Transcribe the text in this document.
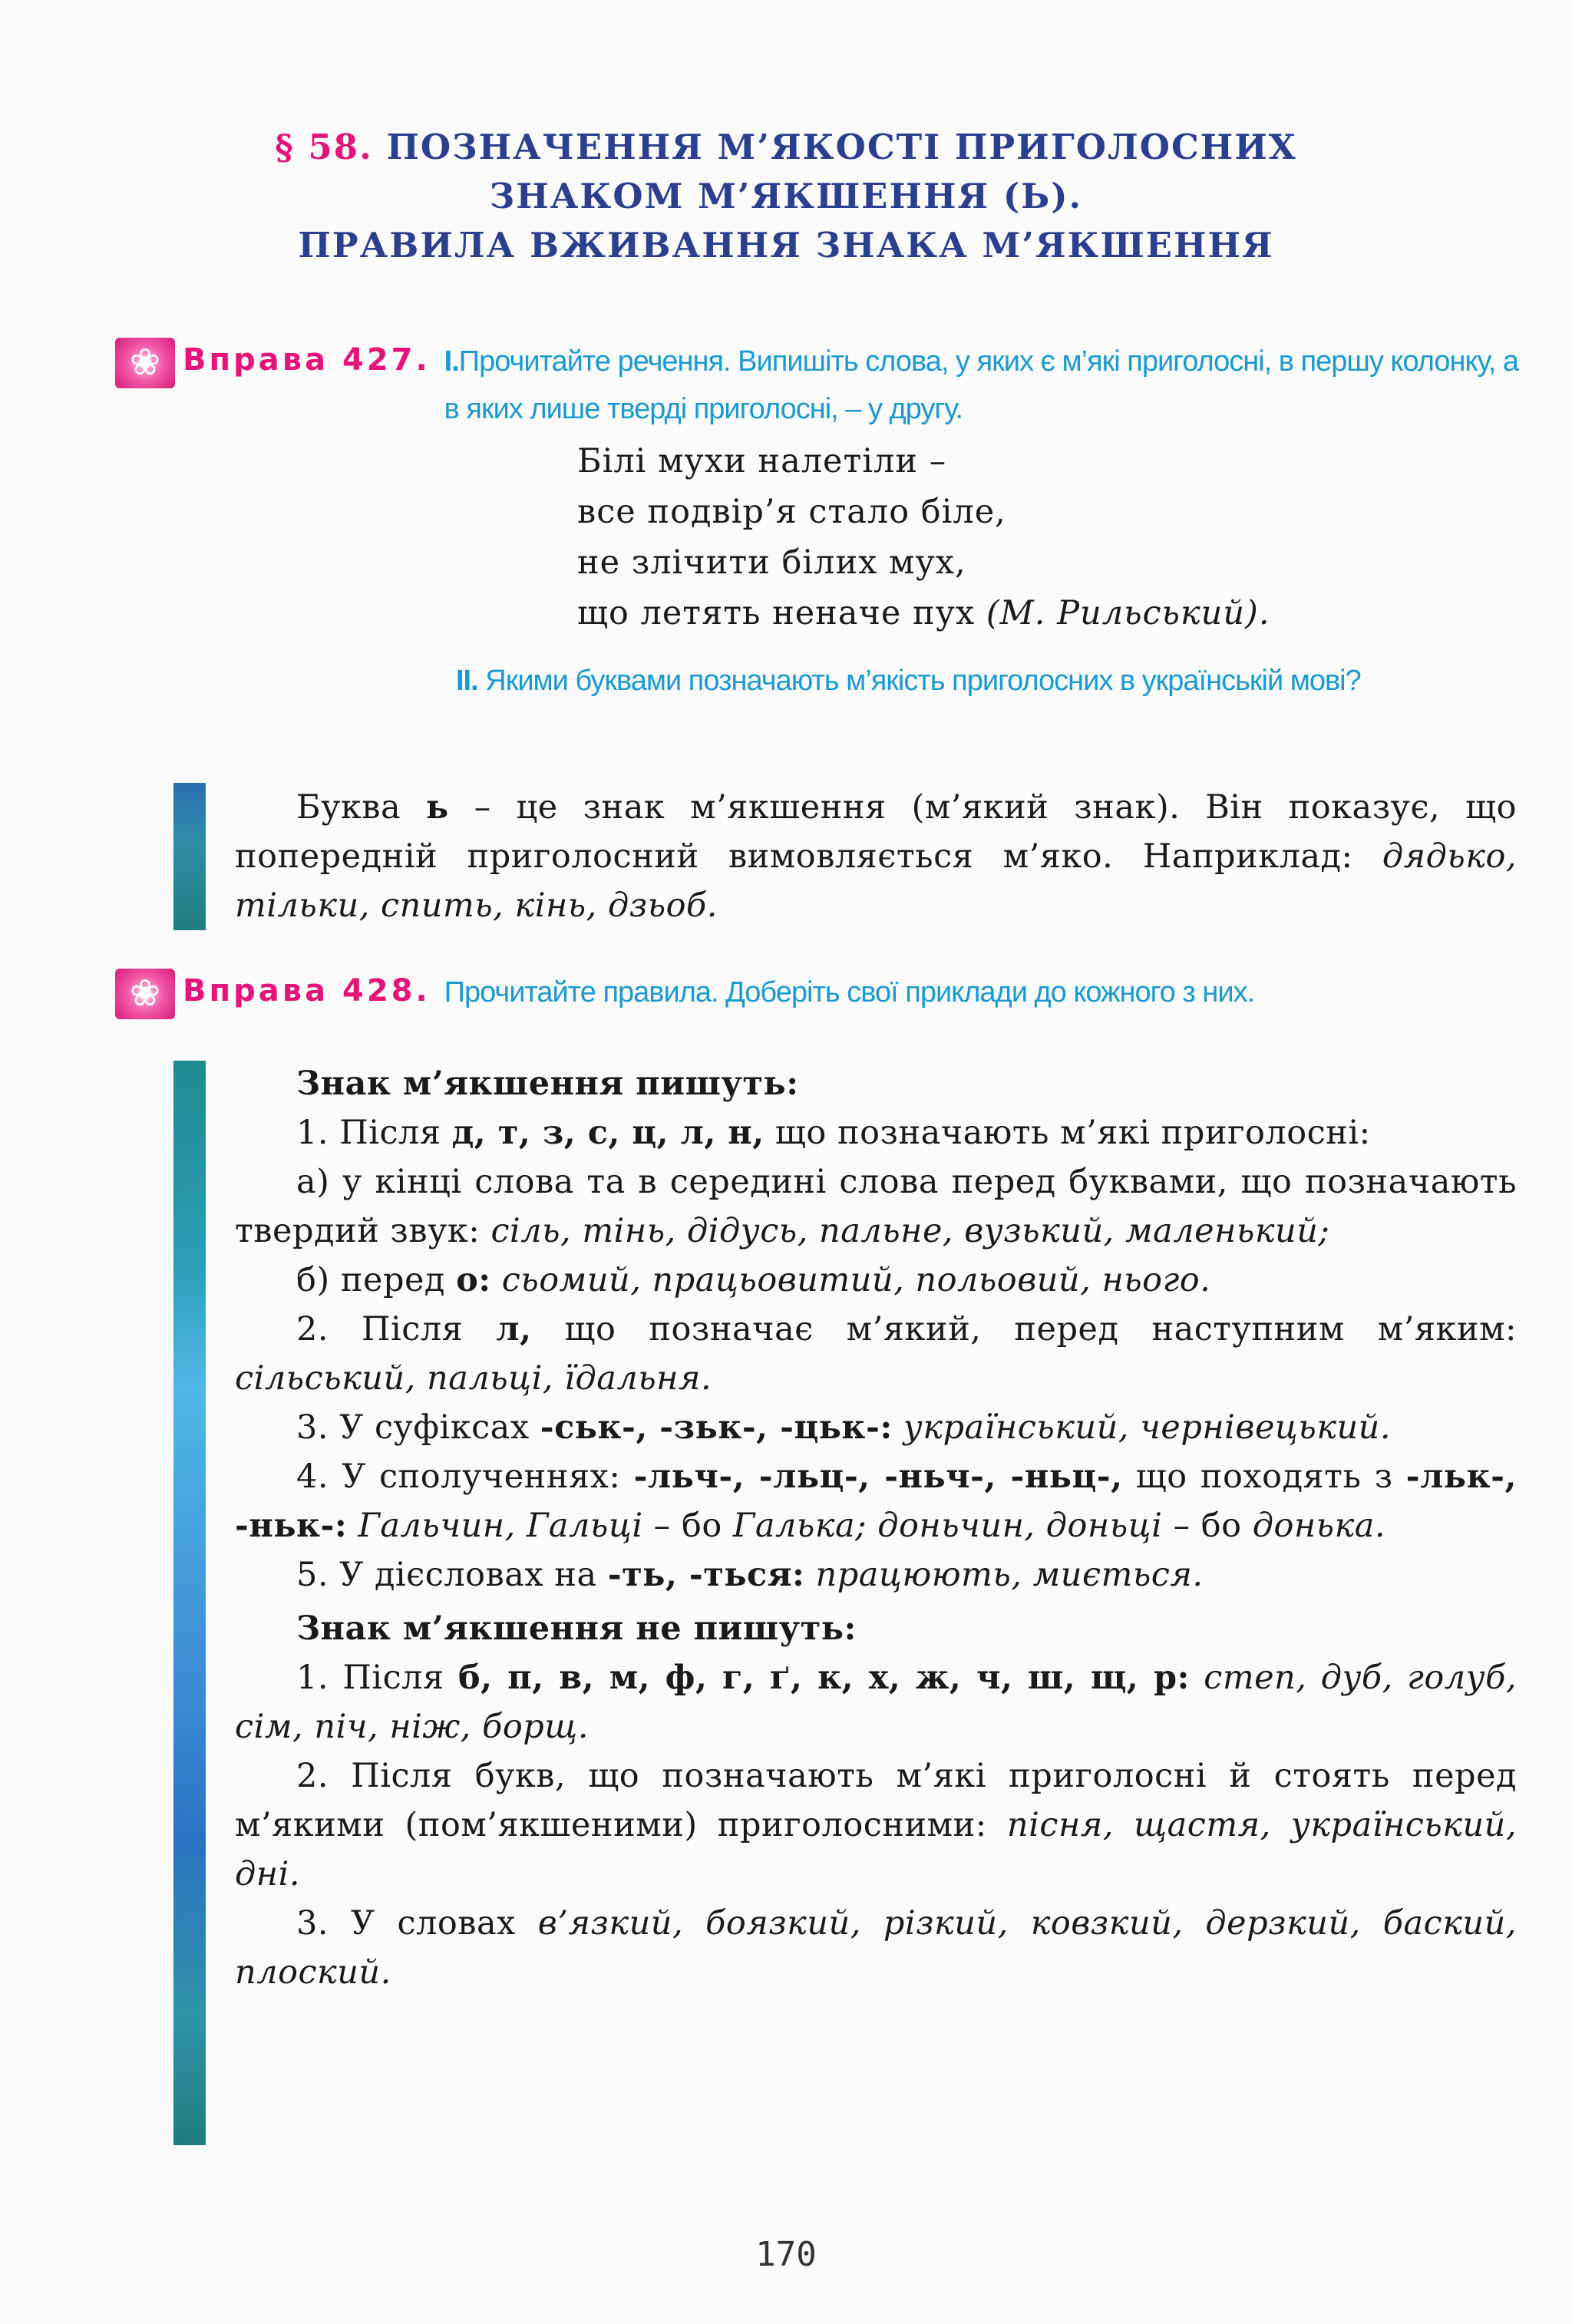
§ 58. ПОЗНАЧЕННЯ М’ЯКОСТІ ПРИГОЛОСНИХ
ЗНАКОМ М’ЯКШЕННЯ (Ь).
ПРАВИЛА ВЖИВАННЯ ЗНАКА М’ЯКШЕННЯ
❀
Вправа 427. I.Прочитайте речення. Випишіть слова, у яких є м’які приголосні, в першу колонку, а в яких лише тверді приголосні, – у другу.
Білі мухи налетіли –
все подвір’я стало біле,
не злічити білих мух,
що летять неначе пух (М. Рильський).
II. Якими буквами позначають м’якість приголосних в українській мові?

Буква ь – це знак м’якшення (м’який знак). Він показує, що попередній приголосний вимовляється м’яко. Наприклад: дядько, тільки, спить, кінь, дзьоб.

❀
Вправа 428. Прочитайте правила. Доберіть свої приклади до кожного з них.

Знак м’якшення пишуть:

1. Після д, т, з, с, ц, л, н, що позначають м’які приголосні:

а) у кінці слова та в середині слова перед буквами, що позначають твердий звук: сіль, тінь, дідусь, пальне, вузький, маленький;

б) перед о: сьомий, працьовитий, польовий, нього.

2. Після л, що позначає м’який, перед наступним м’яким: сільський, пальці, їдальня.

3. У суфіксах -ськ-, -зьк-, -цьк-: український, чернівецький.

4. У сполученнях: -льч-, -льц-, -ньч-, -ньц-, що походять з -льк-, -ньк-: Гальчин, Гальці – бо Галька; доньчин, доньці – бо донька.

5. У дієсловах на -ть, -ться: працюють, миється.

Знак м’якшення не пишуть:

1. Після б, п, в, м, ф, г, ґ, к, х, ж, ч, ш, щ, р: степ, дуб, голуб, сім, піч, ніж, борщ.

2. Після букв, що позначають м’які приголосні й стоять перед м’якими (пом’якшеними) приголосними: пісня, щастя, український, дні.

3. У словах в’язкий, боязкий, різкий, ковзкий, дерзкий, баский, плоский.

170
